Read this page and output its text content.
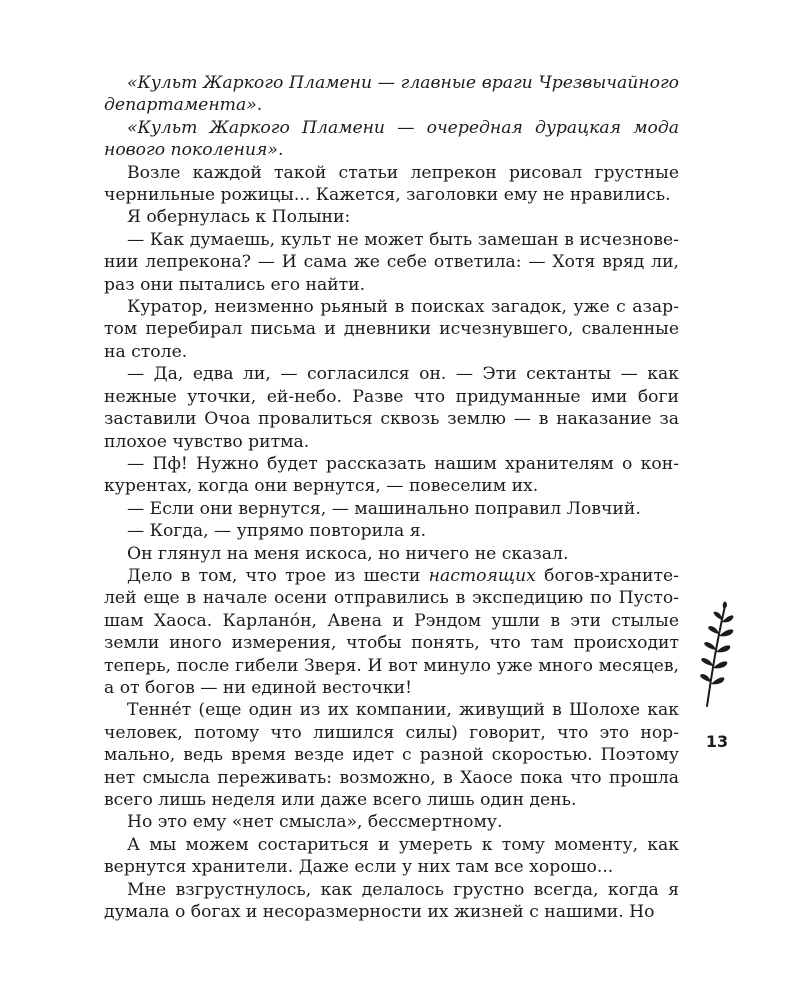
«Культ Жаркого Пламени — главные враги Чрезвычайного департамента».

«Культ Жаркого Пламени — очередная дурацкая мода нового поколения».

Возле каждой такой статьи лепрекон рисовал грустные чернильные рожицы... Кажется, заголовки ему не нравились.

Я обернулась к Полыни:

— Как думаешь, культ не может быть замешан в исчезновении лепрекона? — И сама же себе ответила: — Хотя вряд ли, раз они пытались его найти.

Куратор, неизменно рьяный в поисках загадок, уже с азартом перебирал письма и дневники исчезнувшего, сваленные на столе.

— Да, едва ли, — согласился он. — Эти сектанты — как нежные уточки, ей-небо. Разве что придуманные ими боги заставили Очоа провалиться сквозь землю — в наказание за плохое чувство ритма.

— Пф! Нужно будет рассказать нашим хранителям о конкурентах, когда они вернутся, — повеселим их.

— Если они вернутся, — машинально поправил Ловчий.

— Когда, — упрямо повторила я.

Он глянул на меня искоса, но ничего не сказал.

Дело в том, что трое из шести настоящих богов-хранителей еще в начале осени отправились в экспедицию по Пустошам Хаоса. Карлано́н, Авена и Рэндом ушли в эти стылые земли иного измерения, чтобы понять, что там происходит теперь, после гибели Зверя. И вот минуло уже много месяцев, а от богов — ни единой весточки!

Тенне́т (еще один из их компании, живущий в Шолохе как человек, потому что лишился силы) говорит, что это нормально, ведь время везде идет с разной скоростью. Поэтому нет смысла переживать: возможно, в Хаосе пока что прошла всего лишь неделя или даже всего лишь один день.

Но это ему «нет смысла», бессмертному.

А мы можем состариться и умереть к тому моменту, как вернутся хранители. Даже если у них там все хорошо...

Мне взгрустнулось, как делалось грустно всегда, когда я думала о богах и несоразмерности их жизней с нашими. Но

13
